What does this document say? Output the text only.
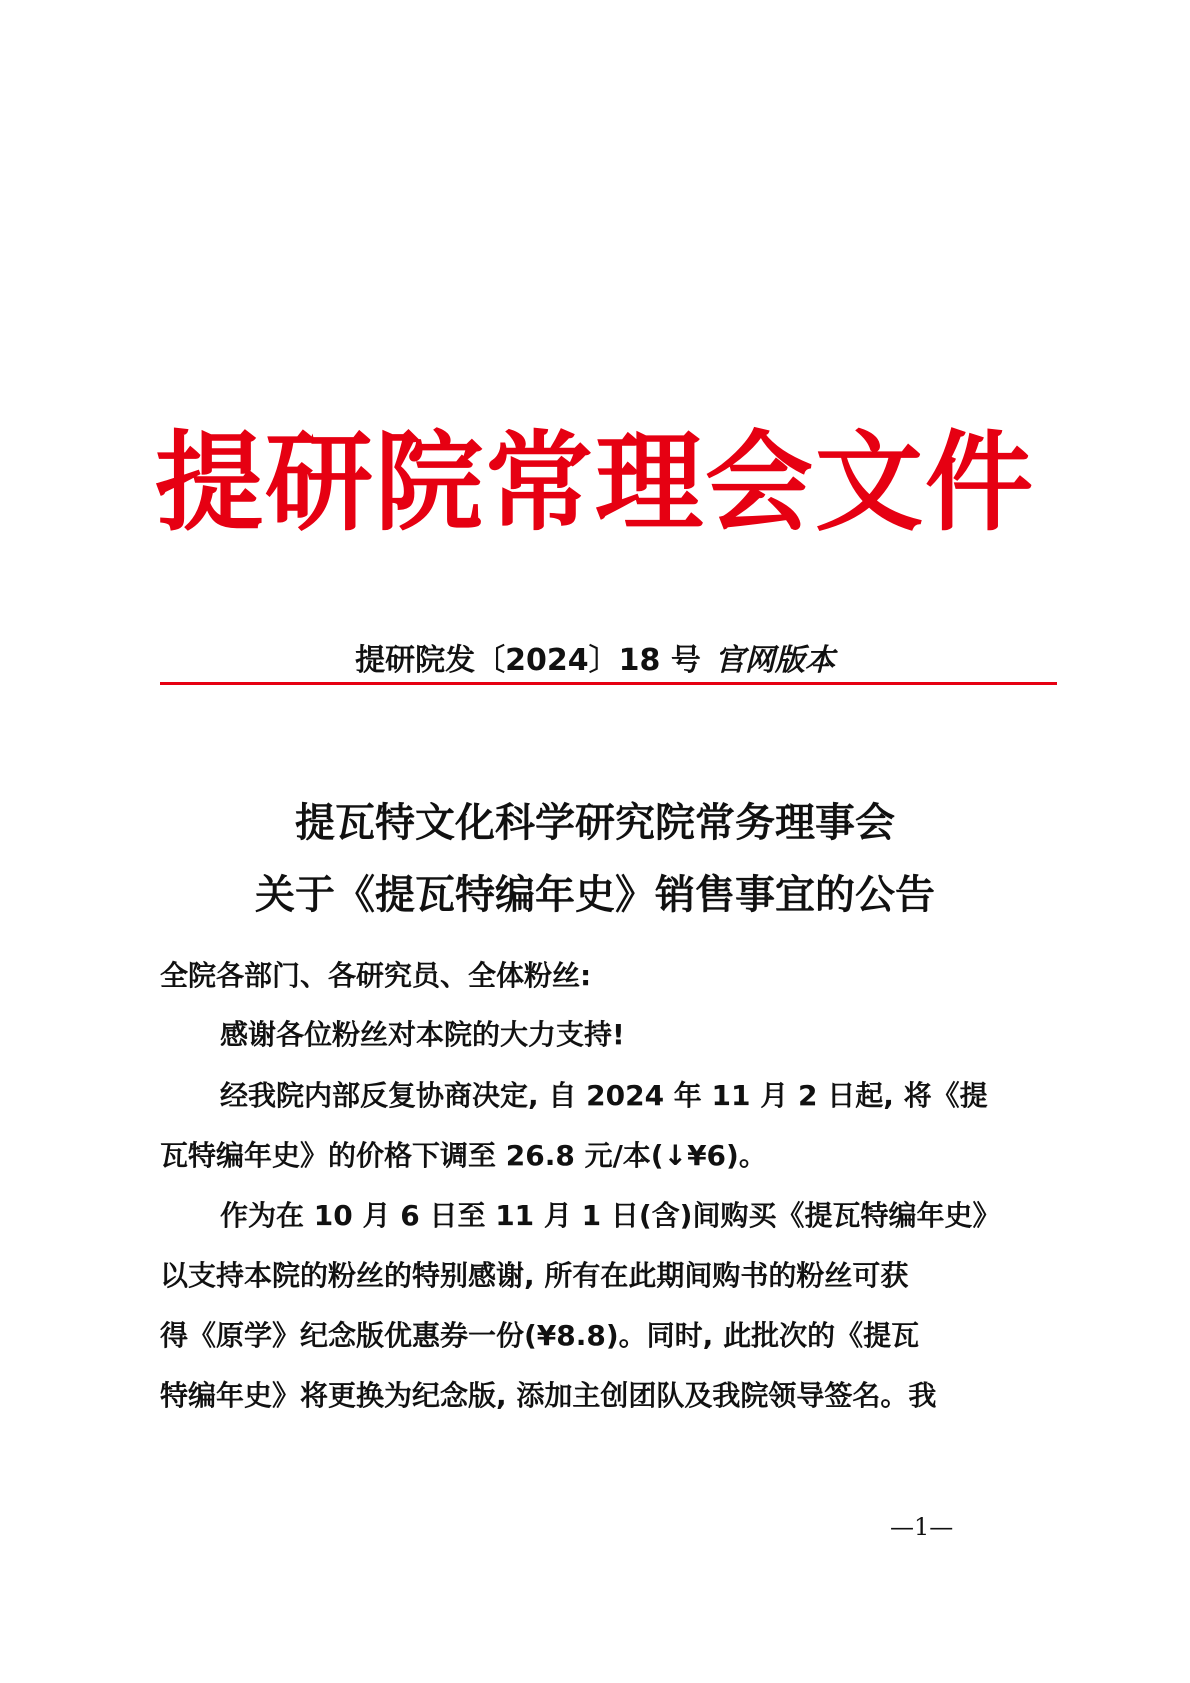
提研院常理会文件
提研院发〔2024〕18 号 官网版本
提瓦特文化科学研究院常务理事会
关于《提瓦特编年史》销售事宜的公告
全院各部门、各研究员、全体粉丝:
感谢各位粉丝对本院的大力支持!
经我院内部反复协商决定, 自 2024 年 11 月 2 日起, 将《提
瓦特编年史》的价格下调至 26.8 元/本(↓¥6)。
作为在 10 月 6 日至 11 月 1 日(含)间购买《提瓦特编年史》
以支持本院的粉丝的特别感谢, 所有在此期间购书的粉丝可获
得《原学》纪念版优惠券一份(¥8.8)。同时, 此批次的《提瓦
特编年史》将更换为纪念版, 添加主创团队及我院领导签名。我
—1—
